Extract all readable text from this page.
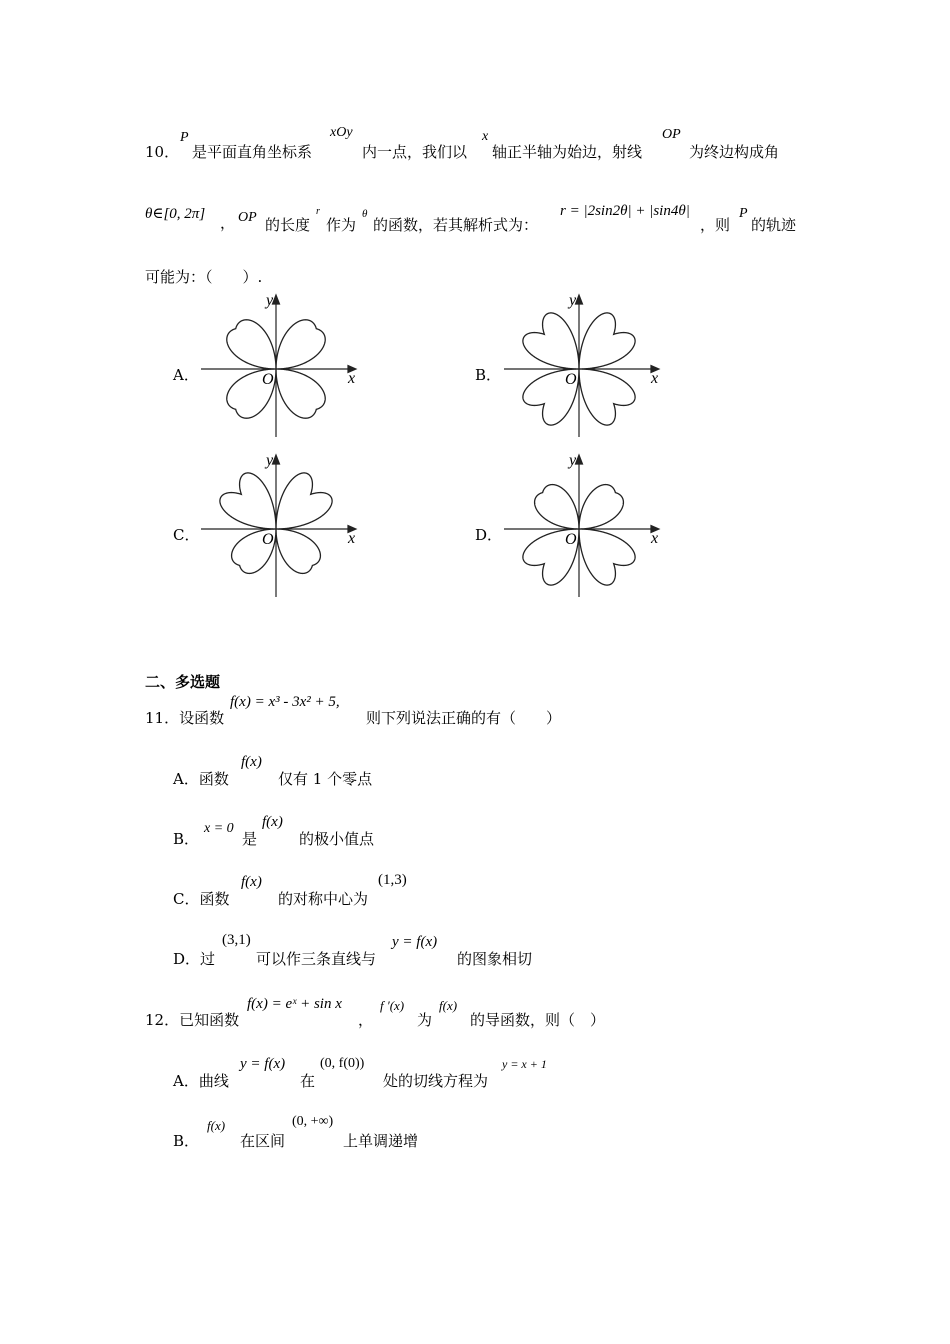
10．
P
是平面直角坐标系
xOy
内一点，我们以
x
轴正半轴为始边，射线
OP
为终边构成角
θ∈[0, 2π] ， OP 的长度
r
作为
θ
的函数，若其解析式为：
r = |2sin2θ| + |sin4θ|
，则
P
的轨迹
可能为：（　　）.
A．	B．
C．	D．
y
O	x
y
O	x
y
O	x
y
O	x
二、多选题
11．设函数
f(x) = x³ - 3x² + 5,
则下列说法正确的有（　　）
A．函数
f(x)
仅有 1 个零点
B．
x = 0
是
f(x)
的极小值点
C．函数
f(x)
的对称中心为
(1,3)
D．过
(3,1)
可以作三条直线与
y = f(x)
的图象相切
12．已知函数
f(x) = eˣ + sin x
，
f ′(x)
为
f(x)
的导函数，则（　）
A．曲线
y = f(x)
在
(0, f(0))
处的切线方程为
y = x + 1
B．
f(x)
在区间
(0, +∞)
上单调递增
